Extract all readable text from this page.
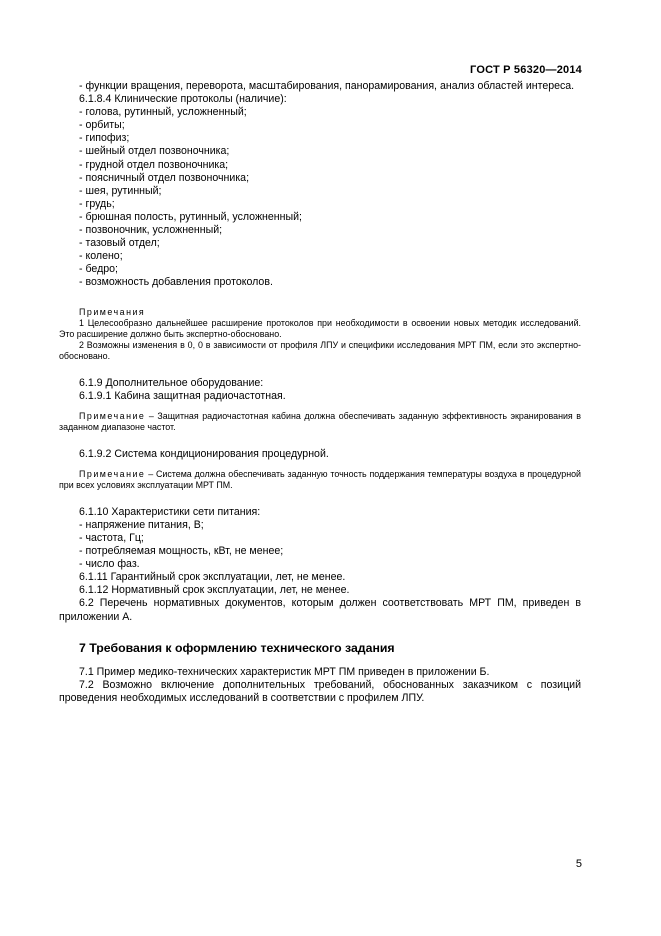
ГОСТ Р 56320—2014

- функции вращения, переворота, масштабирования, панорамирования, анализ областей интереса.

6.1.8.4 Клинические протоколы (наличие):

- голова, рутинный, усложненный;

- орбиты;

- гипофиз;

- шейный отдел позвоночника;

- грудной отдел позвоночника;

- поясничный отдел позвоночника;

- шея, рутинный;

- грудь;

- брюшная полость, рутинный, усложненный;

- позвоночник, усложненный;

- тазовый отдел;

- колено;

- бедро;

- возможность добавления протоколов.

Примечания

1 Целесообразно дальнейшее расширение протоколов при необходимости в освоении новых методик исследований. Это расширение должно быть экспертно-обосновано.

2 Возможны изменения в 0, 0 в зависимости от профиля ЛПУ и специфики исследования МРТ ПМ, если это экспертно-обосновано.

6.1.9 Дополнительное оборудование:

6.1.9.1 Кабина защитная радиочастотная.

Примечание – Защитная радиочастотная кабина должна обеспечивать заданную эффективность экранирования в заданном диапазоне частот.

6.1.9.2 Система кондиционирования процедурной.

Примечание – Система должна обеспечивать заданную точность поддержания температуры воздуха в процедурной при всех условиях эксплуатации МРТ ПМ.

6.1.10 Характеристики сети питания:

- напряжение питания, В;

- частота, Гц;

- потребляемая мощность, кВт, не менее;

- число фаз.

6.1.11 Гарантийный срок эксплуатации, лет, не менее.

6.1.12 Нормативный срок эксплуатации, лет, не менее.

6.2 Перечень нормативных документов, которым должен соответствовать МРТ ПМ, приведен в приложении А.

7 Требования к оформлению технического задания

7.1 Пример медико-технических характеристик МРТ ПМ приведен в приложении Б.

7.2 Возможно включение дополнительных требований, обоснованных заказчиком с позиций проведения необходимых исследований в соответствии с профилем ЛПУ.

5
